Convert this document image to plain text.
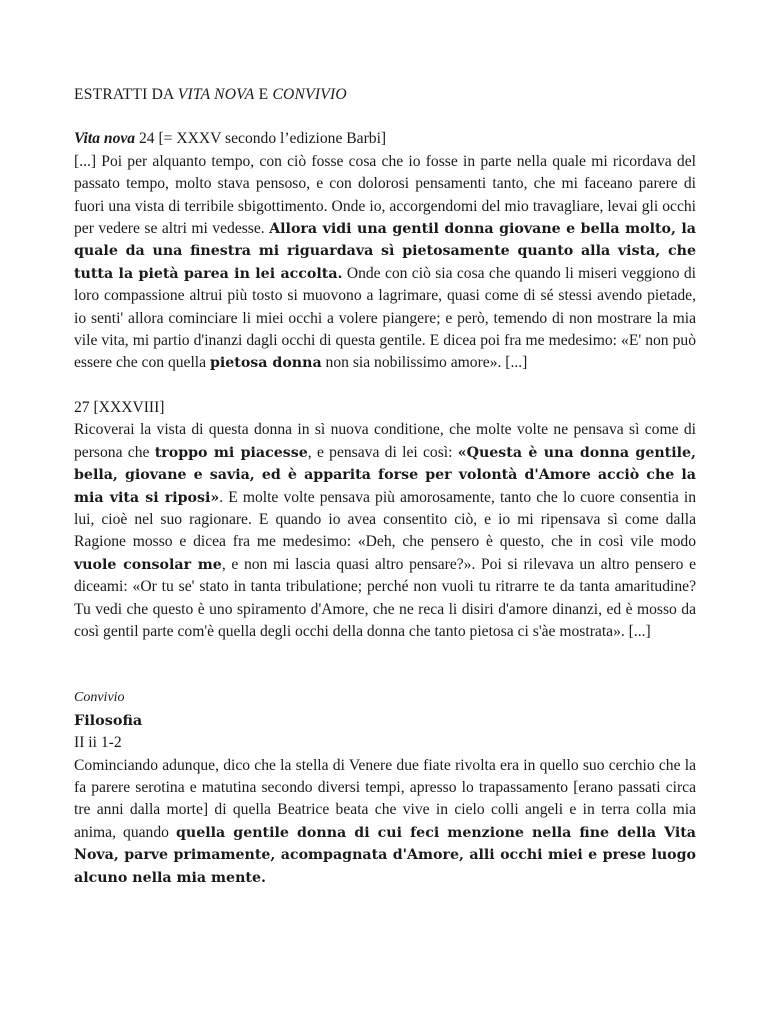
ESTRATTI DA VITA NOVA E CONVIVIO

Vita nova 24 [= XXXV secondo l’edizione Barbi]

[...] Poi per alquanto tempo, con ciò fosse cosa che io fosse in parte nella quale mi ricordava del passato tempo, molto stava pensoso, e con dolorosi pensamenti tanto, che mi faceano parere di fuori una vista di terribile sbigottimento. Onde io, accorgendomi del mio travagliare, levai gli occhi per vedere se altri mi vedesse. Allora vidi una gentil donna giovane e bella molto, la quale da una finestra mi riguardava sì pietosamente quanto alla vista, che tutta la pietà parea in lei accolta. Onde con ciò sia cosa che quando li miseri veggiono di loro compassione altrui più tosto si muovono a lagrimare, quasi come di sé stessi avendo pietade, io senti' allora cominciare li miei occhi a volere piangere; e però, temendo di non mostrare la mia vile vita, mi partio d'inanzi dagli occhi di questa gentile. E dicea poi fra me medesimo: «E' non può essere che con quella pietosa donna non sia nobilissimo amore». [...]

27 [XXXVIII]

Ricoverai la vista di questa donna in sì nuova conditione, che molte volte ne pensava sì come di persona che troppo mi piacesse, e pensava di lei così: «Questa è una donna gentile, bella, giovane e savia, ed è apparita forse per volontà d'Amore acciò che la mia vita si riposi». E molte volte pensava più amorosamente, tanto che lo cuore consentia in lui, cioè nel suo ragionare. E quando io avea consentito ciò, e io mi ripensava sì come dalla Ragione mosso e dicea fra me medesimo: «Deh, che pensero è questo, che in così vile modo vuole consolar me, e non mi lascia quasi altro pensare?». Poi si rilevava un altro pensero e diceami: «Or tu se' stato in tanta tribulatione; perché non vuoli tu ritrarre te da tanta amaritudine? Tu vedi che questo è uno spiramento d'Amore, che ne reca li disiri d'amore dinanzi, ed è mosso da così gentil parte com'è quella degli occhi della donna che tanto pietosa ci s'àe mostrata». [...]

Convivio

Filosofia

II ii 1-2

Cominciando adunque, dico che la stella di Venere due fiate rivolta era in quello suo cerchio che la fa parere serotina e matutina secondo diversi tempi, apresso lo trapassamento [erano passati circa tre anni dalla morte] di quella Beatrice beata che vive in cielo colli angeli e in terra colla mia anima, quando quella gentile donna di cui feci menzione nella fine della Vita Nova, parve primamente, acompagnata d'Amore, alli occhi miei e prese luogo alcuno nella mia mente.
